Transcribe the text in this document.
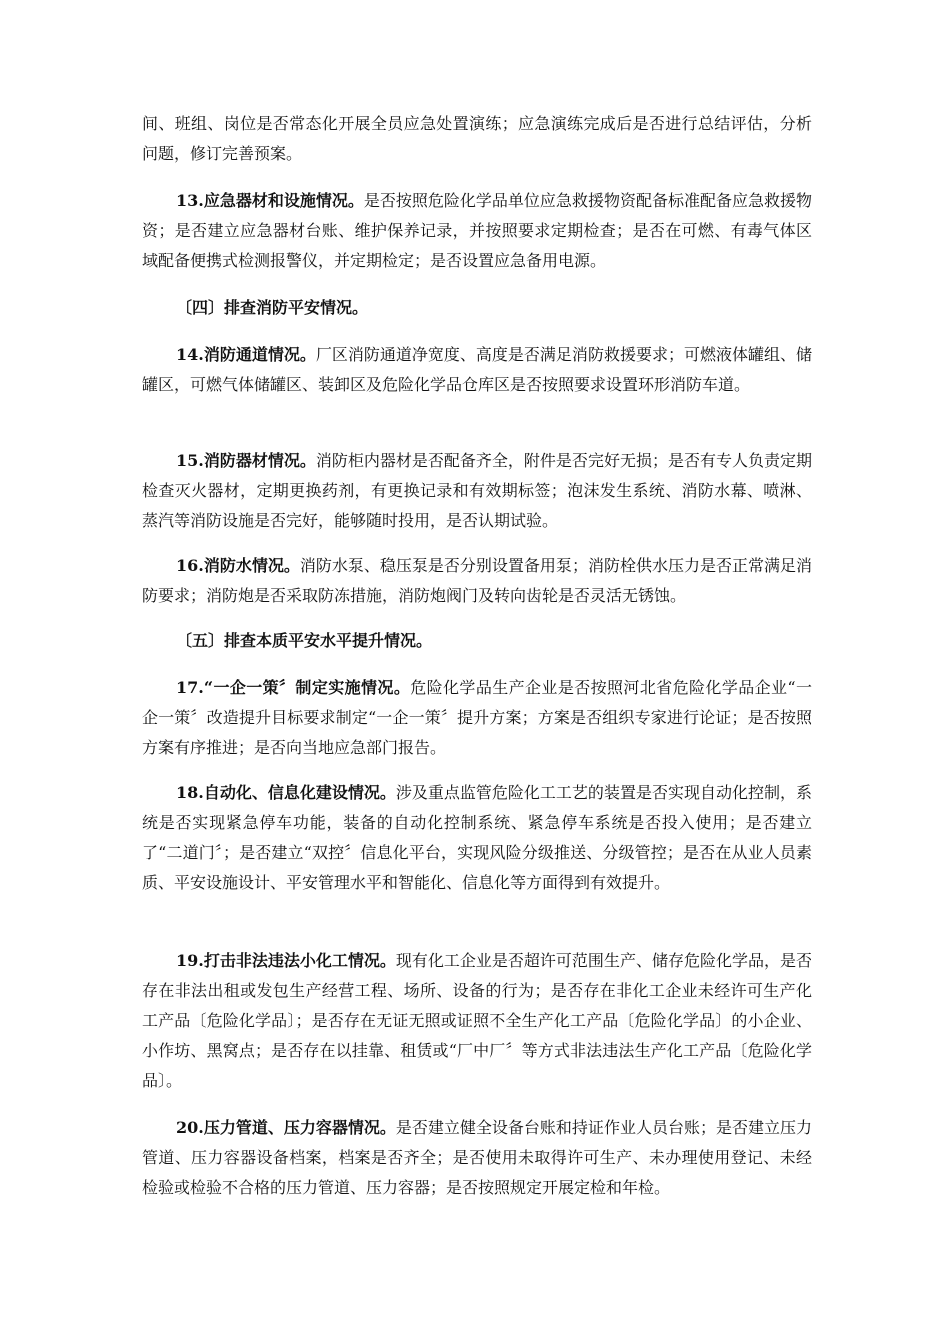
间、班组、岗位是否常态化开展全员应急处置演练；应急演练完成后是否进行总结评估，分析问题，修订完善预案。

13.应急器材和设施情况。是否按照危险化学品单位应急救援物资配备标准配备应急救援物资；是否建立应急器材台账、维护保养记录，并按照要求定期检查；是否在可燃、有毒气体区域配备便携式检测报警仪，并定期检定；是否设置应急备用电源。

〔四〕排查消防平安情况。

14.消防通道情况。厂区消防通道净宽度、高度是否满足消防救援要求；可燃液体罐组、储罐区，可燃气体储罐区、装卸区及危险化学品仓库区是否按照要求设置环形消防车道。

15.消防器材情况。消防柜内器材是否配备齐全，附件是否完好无损；是否有专人负责定期检查灭火器材，定期更换药剂，有更换记录和有效期标签；泡沫发生系统、消防水幕、喷淋、蒸汽等消防设施是否完好，能够随时投用，是否认期试验。

16.消防水情况。消防水泵、稳压泵是否分别设置备用泵；消防栓供水压力是否正常满足消防要求；消防炮是否采取防冻措施，消防炮阀门及转向齿轮是否灵活无锈蚀。

〔五〕排查本质平安水平提升情况。

17.“一企一策〞制定实施情况。危险化学品生产企业是否按照河北省危险化学品企业“一企一策〞改造提升目标要求制定“一企一策〞提升方案；方案是否组织专家进行论证；是否按照方案有序推进；是否向当地应急部门报告。

18.自动化、信息化建设情况。涉及重点监管危险化工工艺的装置是否实现自动化控制，系统是否实现紧急停车功能，装备的自动化控制系统、紧急停车系统是否投入使用；是否建立了“二道门〞；是否建立“双控〞信息化平台，实现风险分级推送、分级管控；是否在从业人员素质、平安设施设计、平安管理水平和智能化、信息化等方面得到有效提升。

19.打击非法违法小化工情况。现有化工企业是否超许可范围生产、储存危险化学品，是否存在非法出租或发包生产经营工程、场所、设备的行为；是否存在非化工企业未经许可生产化工产品〔危险化学品〕；是否存在无证无照或证照不全生产化工产品〔危险化学品〕的小企业、小作坊、黑窝点；是否存在以挂靠、租赁或“厂中厂〞等方式非法违法生产化工产品〔危险化学品〕。

20.压力管道、压力容器情况。是否建立健全设备台账和持证作业人员台账；是否建立压力管道、压力容器设备档案，档案是否齐全；是否使用未取得许可生产、未办理使用登记、未经检验或检验不合格的压力管道、压力容器；是否按照规定开展定检和年检。
